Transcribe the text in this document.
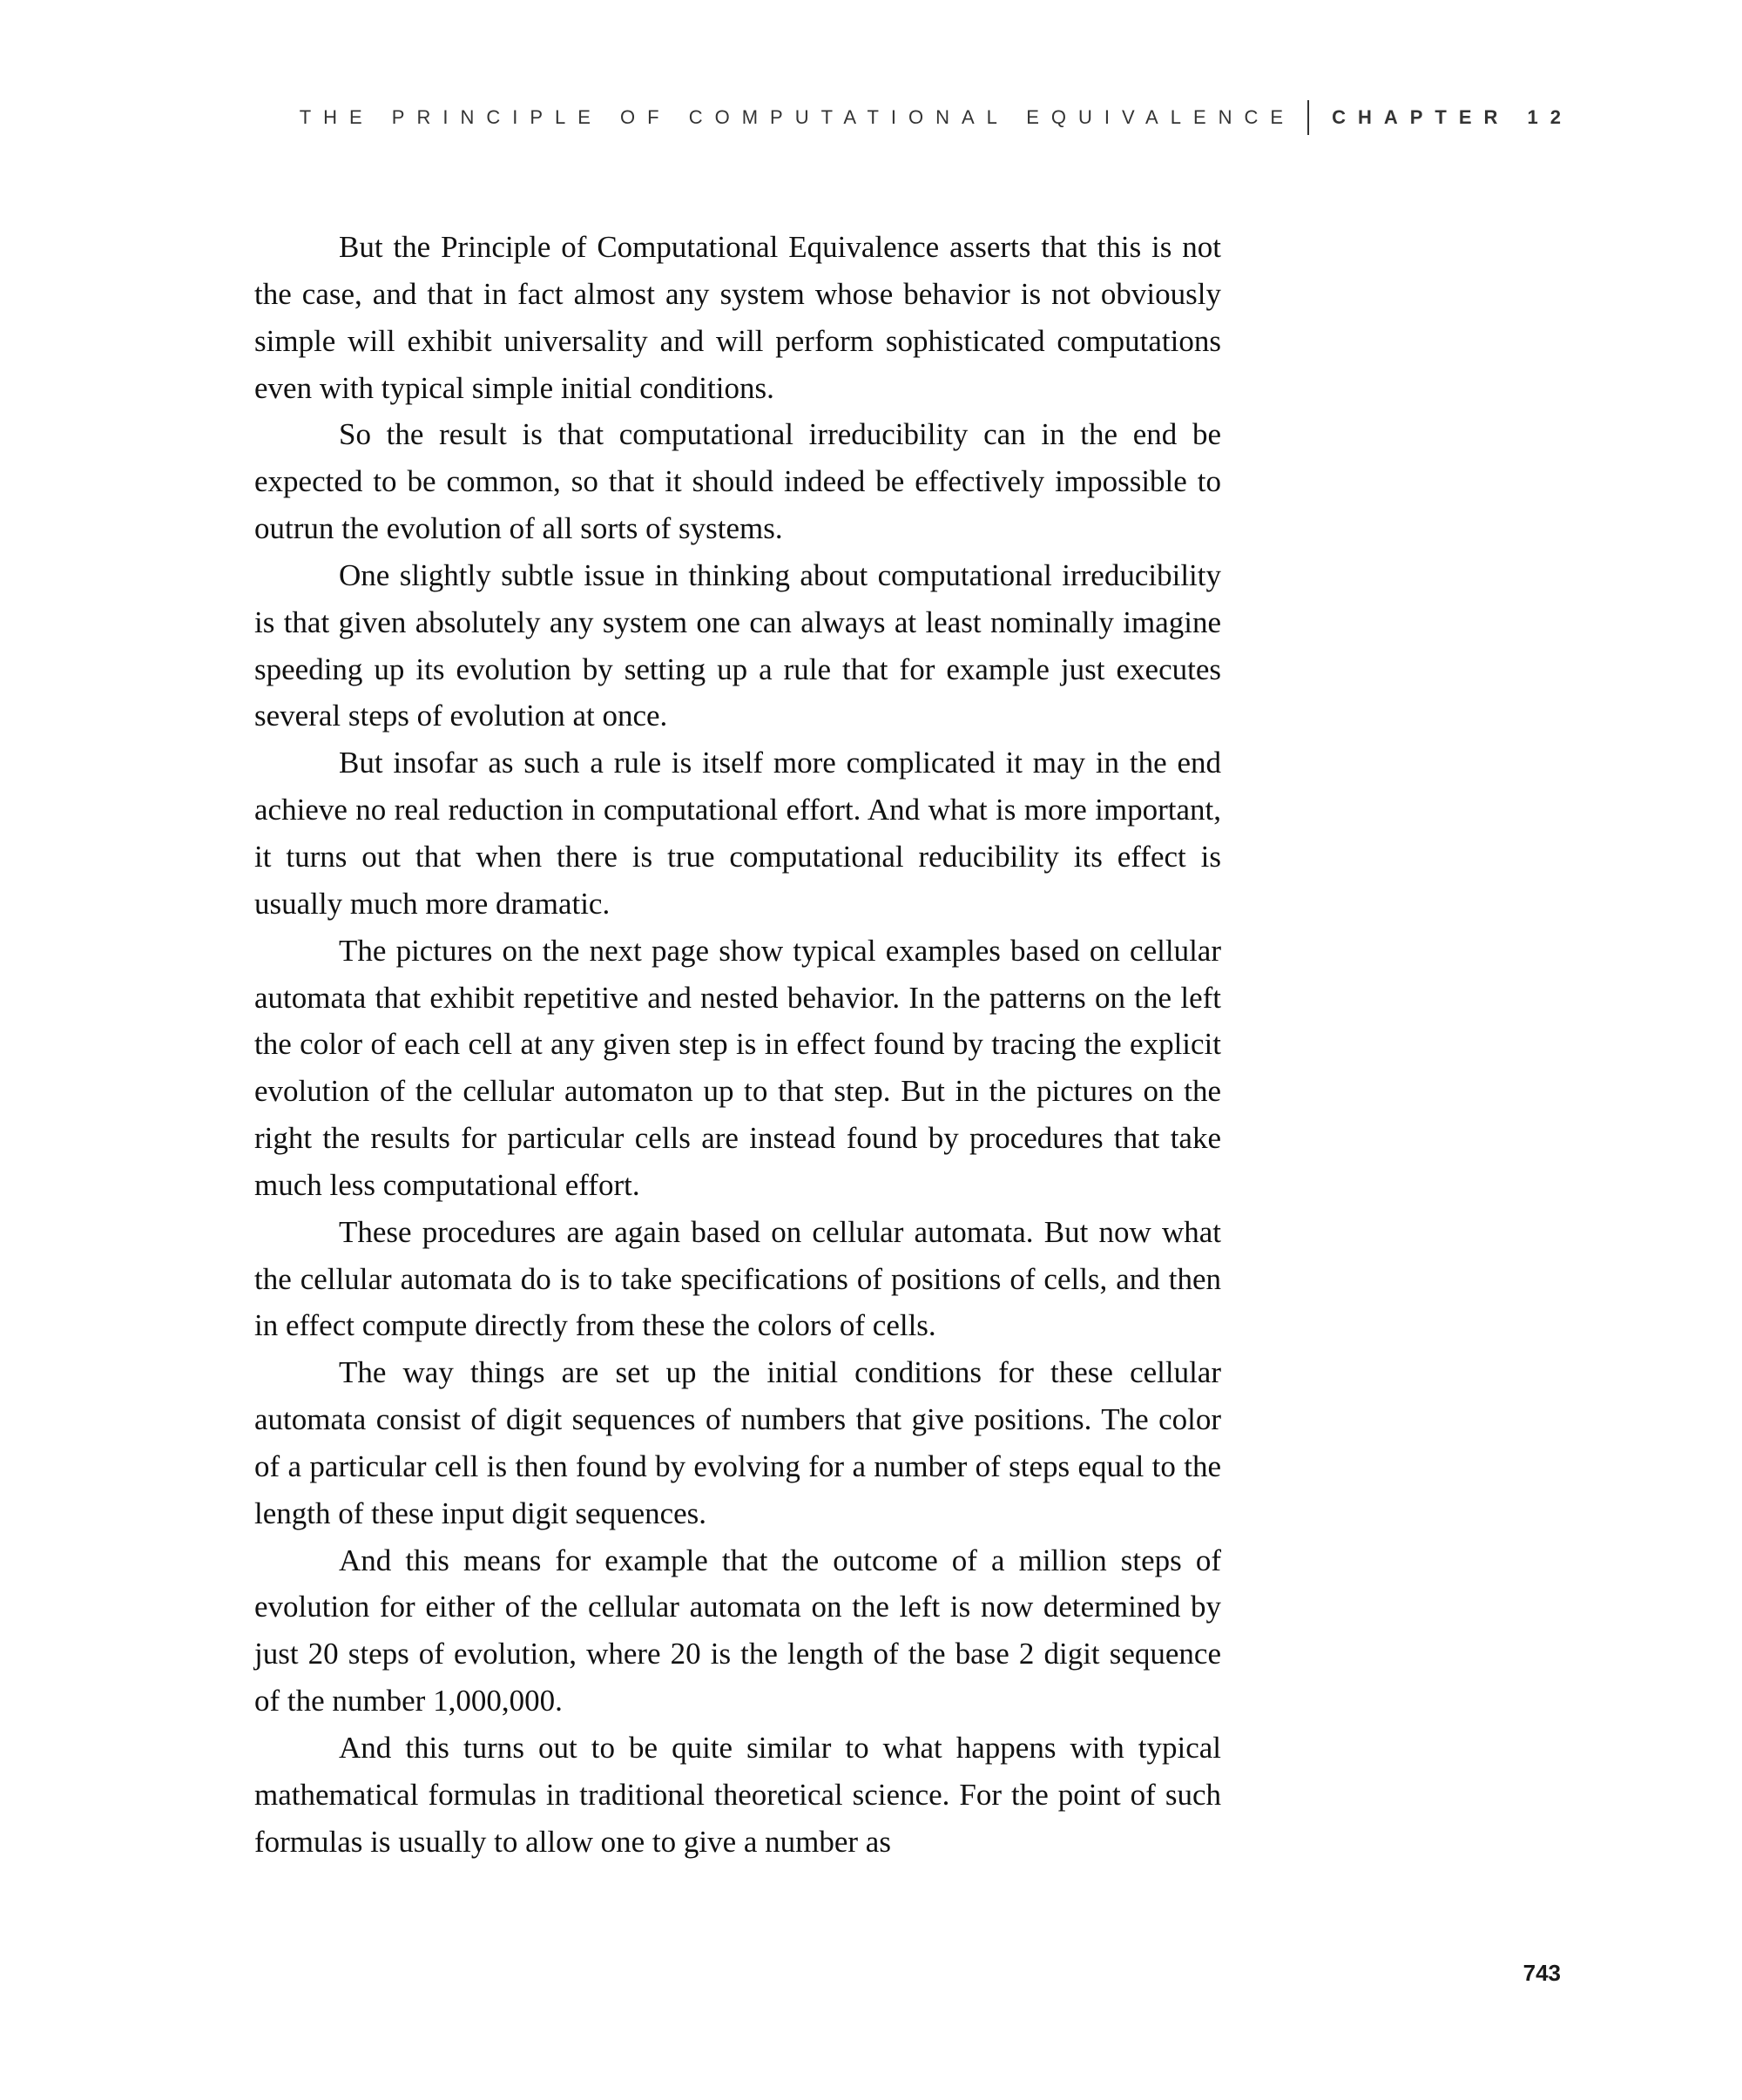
THE PRINCIPLE OF COMPUTATIONAL EQUIVALENCE CHAPTER 12

But the Principle of Computational Equivalence asserts that this is not the case, and that in fact almost any system whose behavior is not obviously simple will exhibit universality and will perform sophisticated computations even with typical simple initial conditions.

So the result is that computational irreducibility can in the end be expected to be common, so that it should indeed be effectively impossible to outrun the evolution of all sorts of systems.

One slightly subtle issue in thinking about computational irreducibility is that given absolutely any system one can always at least nominally imagine speeding up its evolution by setting up a rule that for example just executes several steps of evolution at once.

But insofar as such a rule is itself more complicated it may in the end achieve no real reduction in computational effort. And what is more important, it turns out that when there is true computational reducibility its effect is usually much more dramatic.

The pictures on the next page show typical examples based on cellular automata that exhibit repetitive and nested behavior. In the patterns on the left the color of each cell at any given step is in effect found by tracing the explicit evolution of the cellular automaton up to that step. But in the pictures on the right the results for particular cells are instead found by procedures that take much less computational effort.

These procedures are again based on cellular automata. But now what the cellular automata do is to take specifications of positions of cells, and then in effect compute directly from these the colors of cells.

The way things are set up the initial conditions for these cellular automata consist of digit sequences of numbers that give positions. The color of a particular cell is then found by evolving for a number of steps equal to the length of these input digit sequences.

And this means for example that the outcome of a million steps of evolution for either of the cellular automata on the left is now determined by just 20 steps of evolution, where 20 is the length of the base 2 digit sequence of the number 1,000,000.

And this turns out to be quite similar to what happens with typical mathematical formulas in traditional theoretical science. For the point of such formulas is usually to allow one to give a number as

743
